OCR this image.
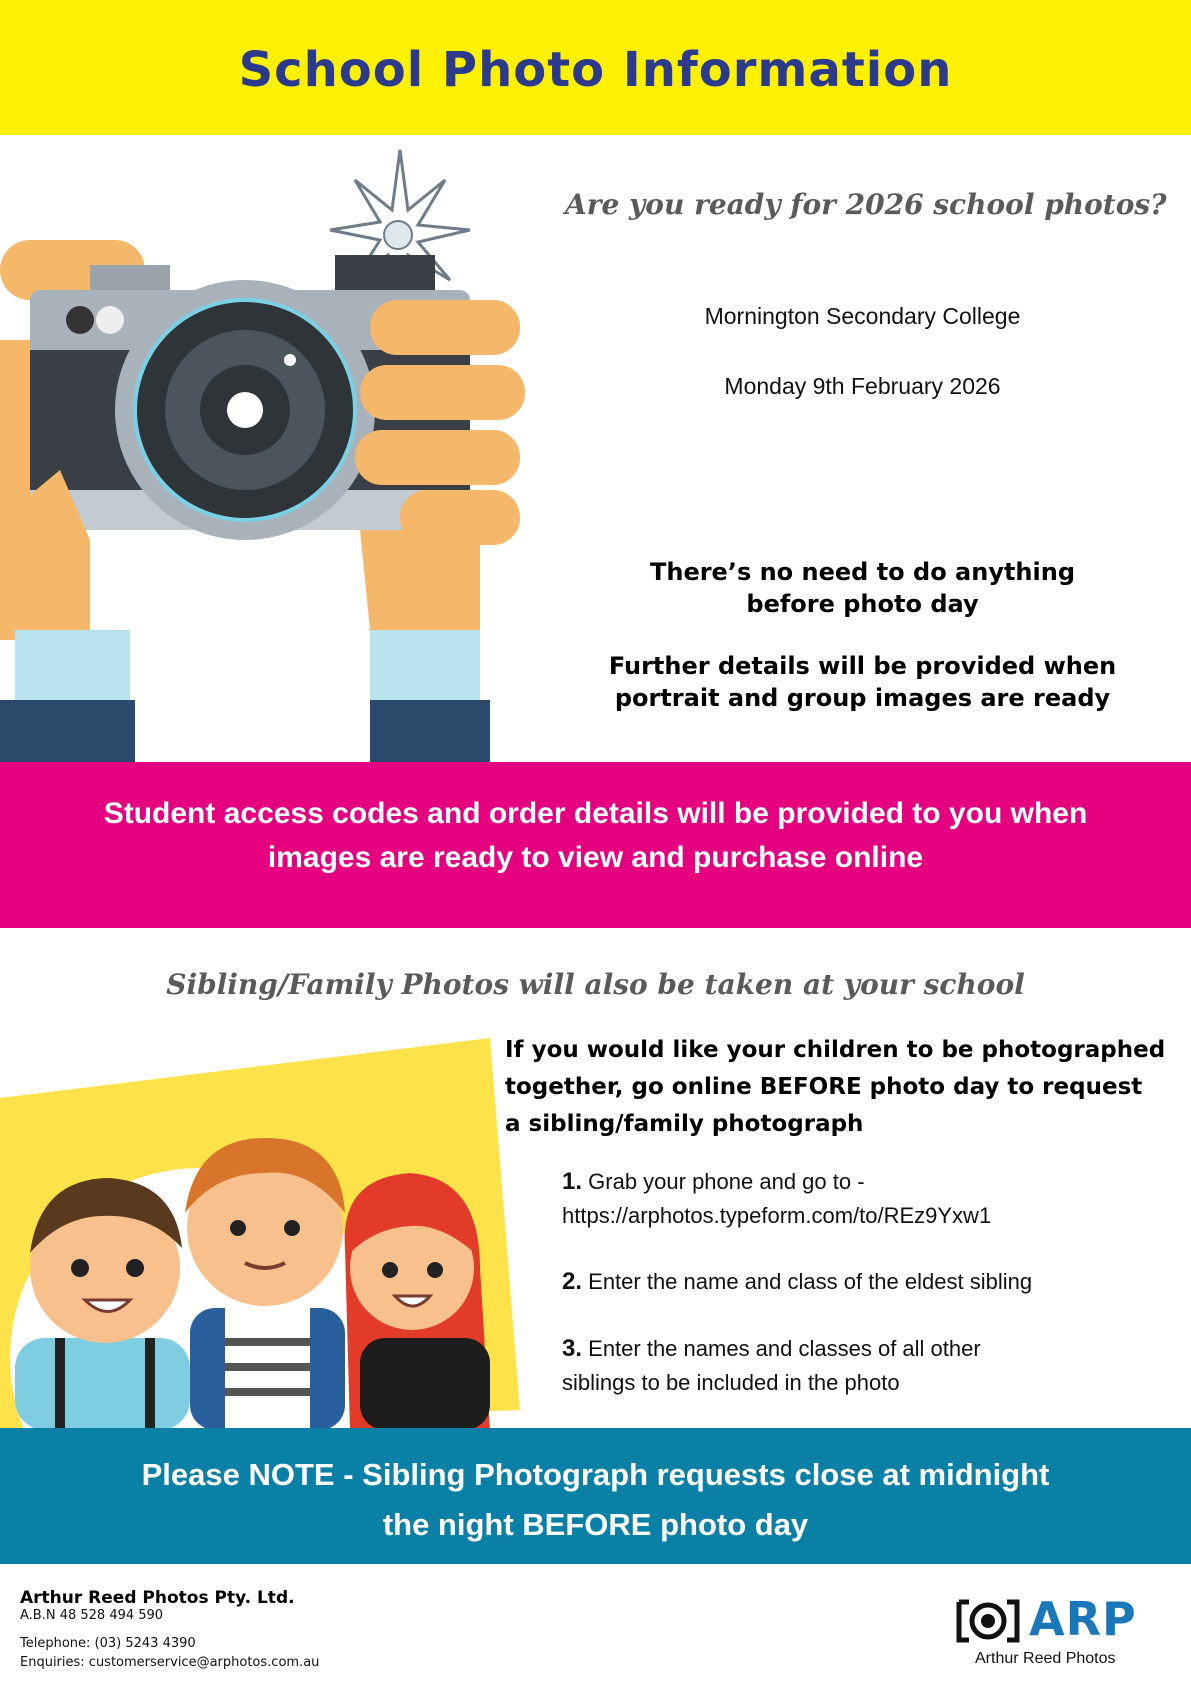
School Photo Information
Are you ready for 2026 school photos?
Mornington Secondary College
Monday 9th February 2026
There’s no need to do anything
before photo day
Further details will be provided when
portrait and group images are ready
Student access codes and order details will be provided to you when
images are ready to view and purchase online
Sibling/Family Photos will also be taken at your school
If you would like your children to be photographed
together, go online BEFORE photo day to request
a sibling/family photograph
1. Grab your phone and go to -
https://arphotos.typeform.com/to/REz9Yxw1
2. Enter the name and class of the eldest sibling
3. Enter the names and classes of all other
siblings to be included in the photo
Please NOTE - Sibling Photograph requests close at midnight
the night BEFORE photo day
Arthur Reed Photos Pty. Ltd.
A.B.N 48 528 494 590
Telephone: (03) 5243 4390
Enquiries: customerservice@arphotos.com.au
ARP
Arthur Reed Photos
